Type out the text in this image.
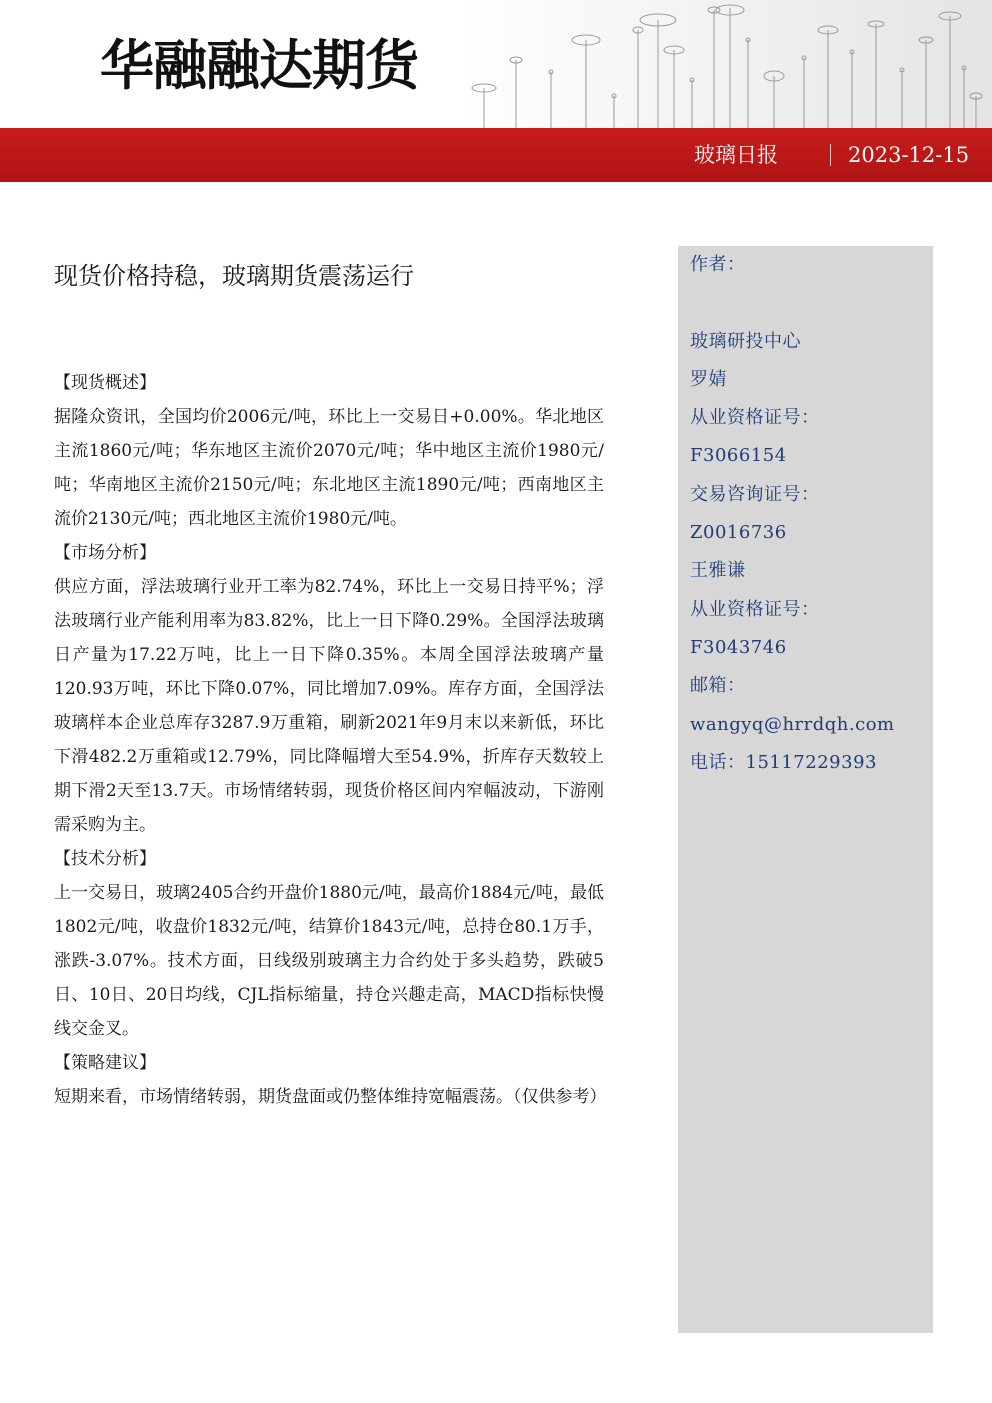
华融融达期货
玻璃日报	2023-12-15
现货价格持稳，玻璃期货震荡运行
【现货概述】

据隆众资讯，全国均价2006元/吨，环比上一交易日+0.00%。华北地区主流1860元/吨；华东地区主流价2070元/吨；华中地区主流价1980元/吨；华南地区主流价2150元/吨；东北地区主流1890元/吨；西南地区主流价2130元/吨；西北地区主流价1980元/吨。

【市场分析】

供应方面，浮法玻璃行业开工率为82.74%，环比上一交易日持平%；浮法玻璃行业产能利用率为83.82%，比上一日下降0.29%。全国浮法玻璃日产量为17.22万吨，比上一日下降0.35%。本周全国浮法玻璃产量120.93万吨，环比下降0.07%，同比增加7.09%。库存方面，全国浮法玻璃样本企业总库存3287.9万重箱，刷新2021年9月末以来新低，环比下滑482.2万重箱或12.79%，同比降幅增大至54.9%，折库存天数较上期下滑2天至13.7天。市场情绪转弱，现货价格区间内窄幅波动，下游刚需采购为主。

【技术分析】

上一交易日，玻璃2405合约开盘价1880元/吨，最高价1884元/吨，最低1802元/吨，收盘价1832元/吨，结算价1843元/吨，总持仓80.1万手，涨跌-3.07%。技术方面，日线级别玻璃主力合约处于多头趋势，跌破5日、10日、20日均线，CJL指标缩量，持仓兴趣走高，MACD指标快慢线交金叉。

【策略建议】

短期来看，市场情绪转弱，期货盘面或仍整体维持宽幅震荡。（仅供参考）

作者：
玻璃研投中心
罗婧
从业资格证号：
F3066154
交易咨询证号：
Z0016736
王雅谦
从业资格证号：
F3043746
邮箱：
wangyq@hrrdqh.com
电话：15117229393
